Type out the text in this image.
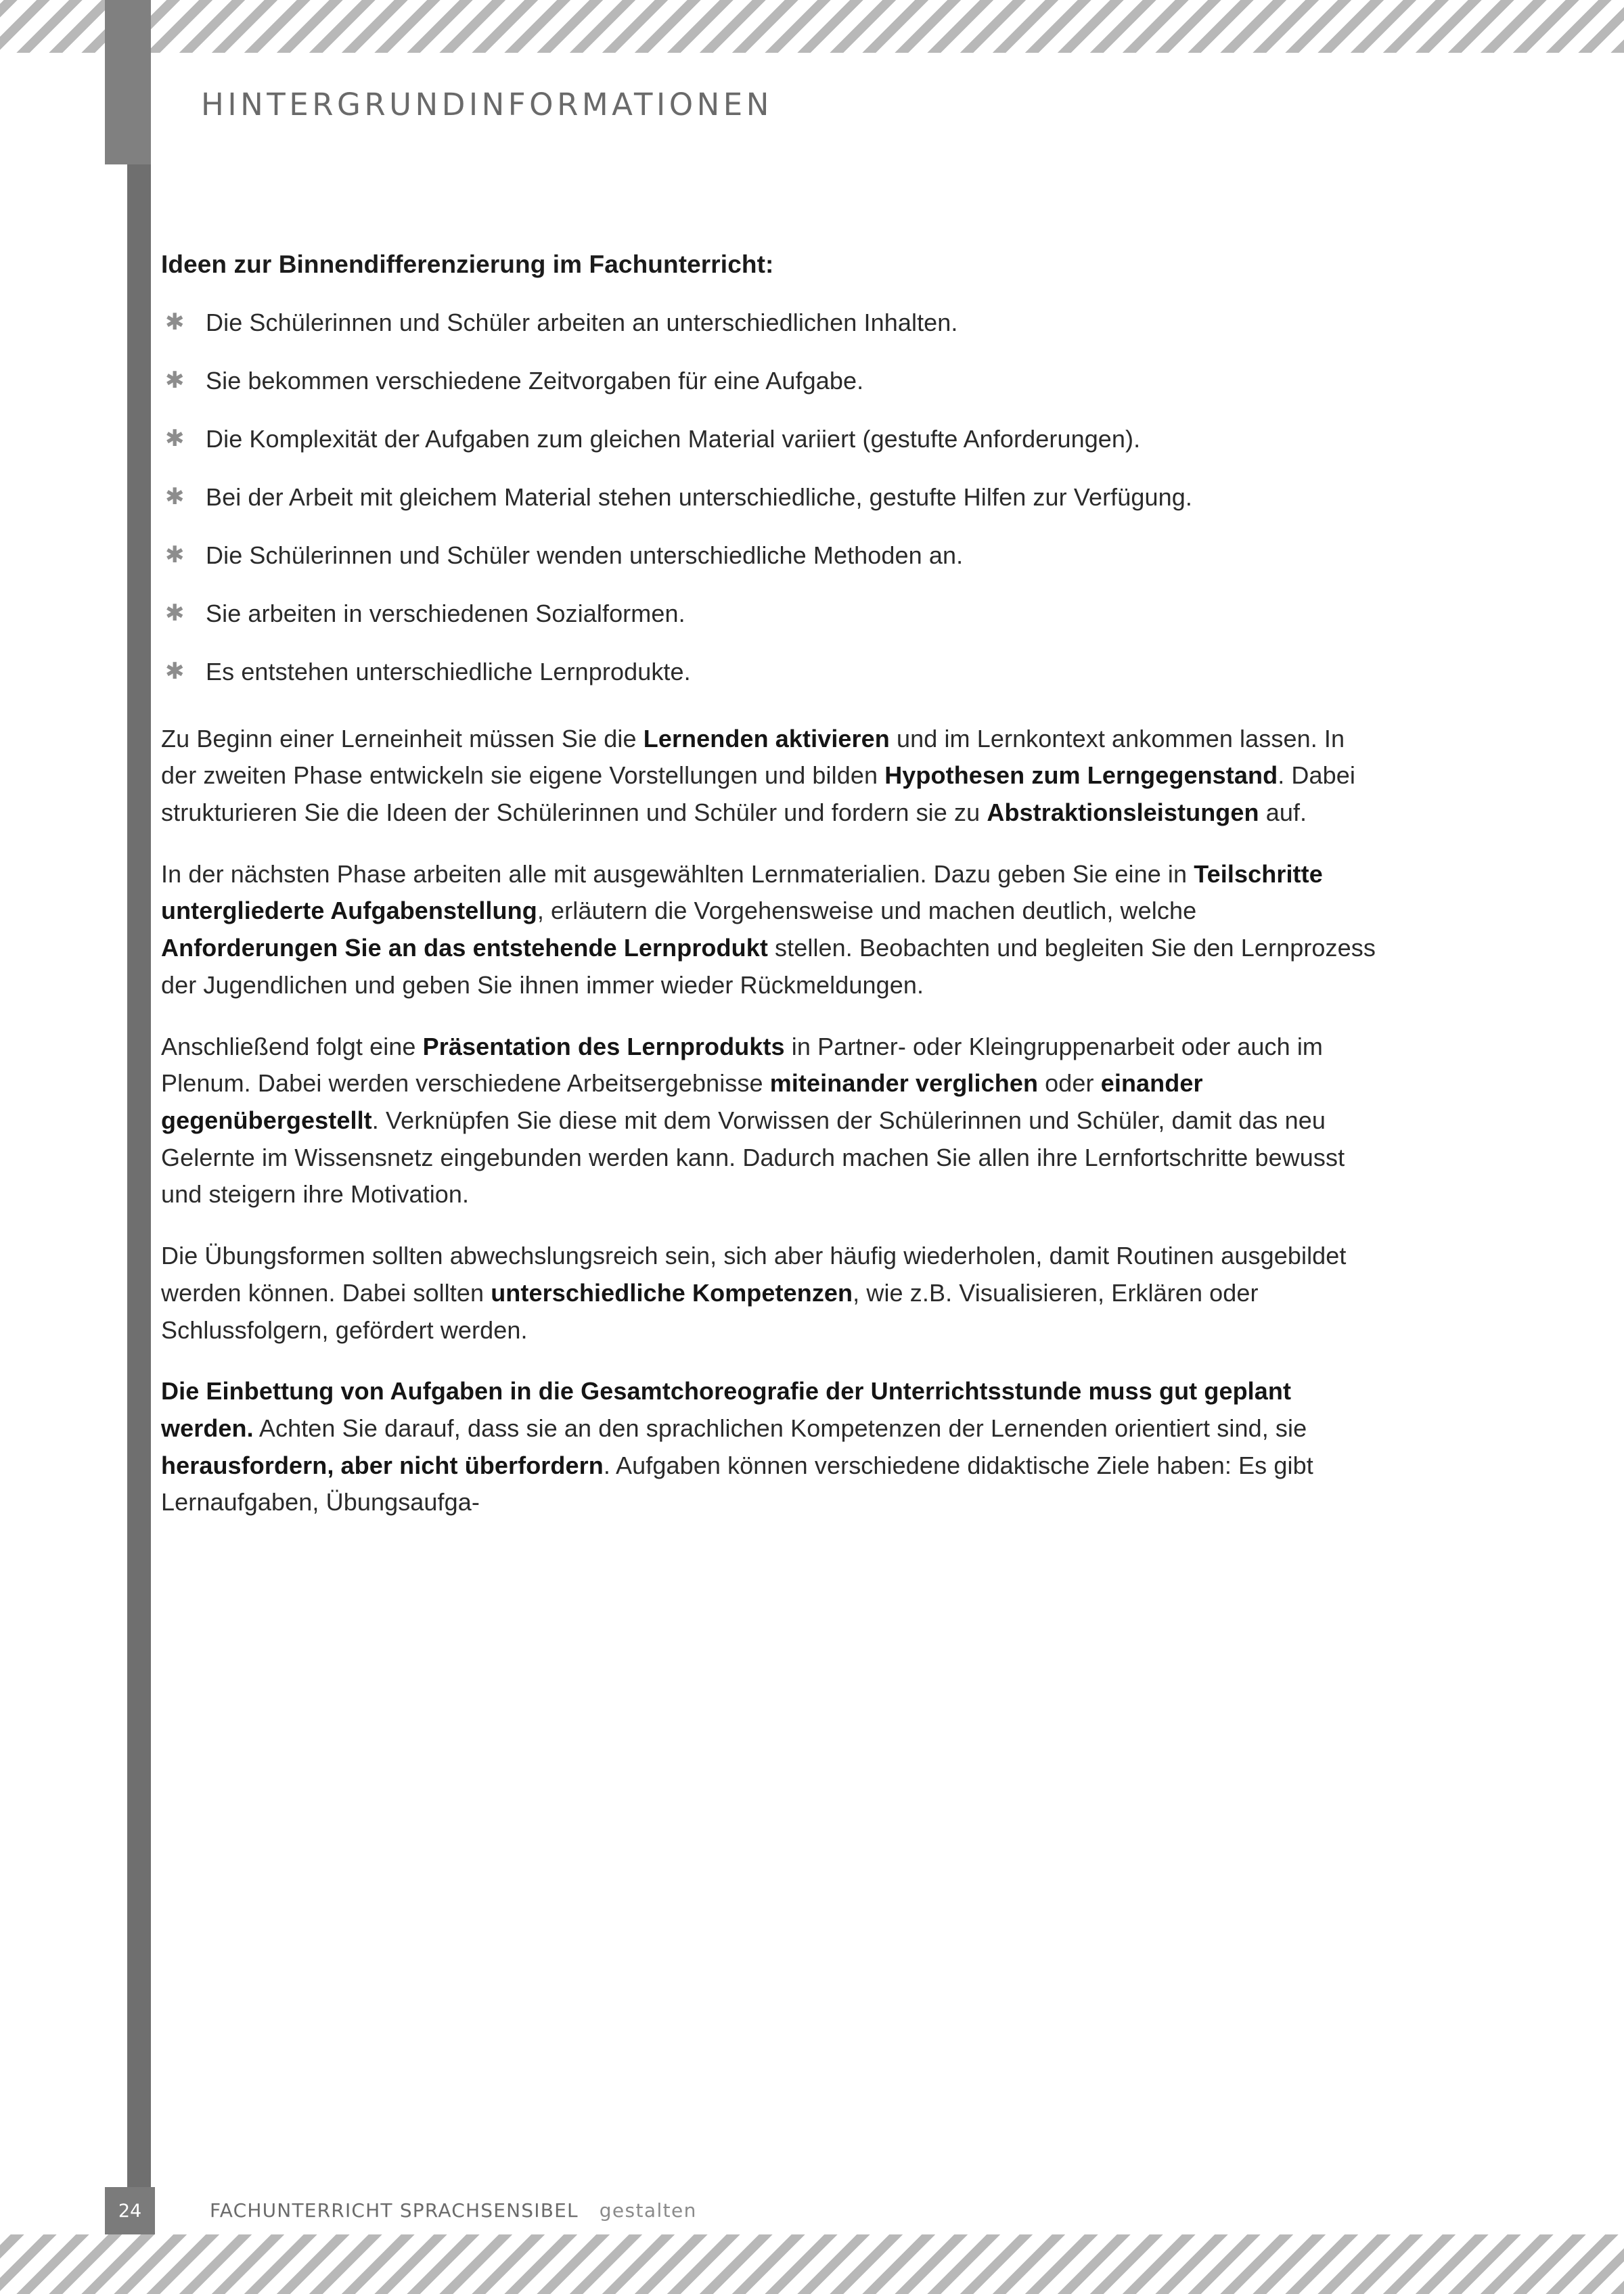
HINTERGRUNDINFORMATIONEN
Ideen zur Binnendifferenzierung im Fachunterricht:
✱ Die Schülerinnen und Schüler arbeiten an unterschiedlichen Inhalten.
✱ Sie bekommen verschiedene Zeitvorgaben für eine Aufgabe.
✱ Die Komplexität der Aufgaben zum gleichen Material variiert (gestufte Anforderungen).
✱ Bei der Arbeit mit gleichem Material stehen unterschiedliche, gestufte Hilfen zur Verfügung.
✱ Die Schülerinnen und Schüler wenden unterschiedliche Methoden an.
✱ Sie arbeiten in verschiedenen Sozialformen.
✱ Es entstehen unterschiedliche Lernprodukte.

Zu Beginn einer Lerneinheit müssen Sie die Lernenden aktivieren und im Lernkontext ankommen lassen. In der zweiten Phase entwickeln sie eigene Vorstellungen und bilden Hypothesen zum Lerngegenstand. Dabei strukturieren Sie die Ideen der Schülerinnen und Schüler und fordern sie zu Abstraktionsleistungen auf.

In der nächsten Phase arbeiten alle mit ausgewählten Lernmaterialien. Dazu geben Sie eine in Teilschritte untergliederte Aufgabenstellung, erläutern die Vorgehensweise und machen deutlich, welche Anforderungen Sie an das entstehende Lernprodukt stellen. Beobachten und begleiten Sie den Lernprozess der Jugendlichen und geben Sie ihnen immer wieder Rückmeldungen.

Anschließend folgt eine Präsentation des Lernprodukts in Partner- oder Kleingruppenarbeit oder auch im Plenum. Dabei werden verschiedene Arbeitsergebnisse miteinander verglichen oder einander gegenübergestellt. Verknüpfen Sie diese mit dem Vorwissen der Schülerinnen und Schüler, damit das neu Gelernte im Wissensnetz eingebunden werden kann. Dadurch machen Sie allen ihre Lernfortschritte bewusst und steigern ihre Motivation.

Die Übungsformen sollten abwechslungsreich sein, sich aber häufig wiederholen, damit Routinen ausgebildet werden können. Dabei sollten unterschiedliche Kompetenzen, wie z.B. Visualisieren, Erklären oder Schlussfolgern, gefördert werden.

Die Einbettung von Aufgaben in die Gesamtchoreografie der Unterrichtsstunde muss gut geplant werden. Achten Sie darauf, dass sie an den sprachlichen Kompetenzen der Lernenden orientiert sind, sie herausfordern, aber nicht überfordern. Aufgaben können verschiedene didaktische Ziele haben: Es gibt Lernaufgaben, Übungsaufga-

24	FACHUNTERRICHT SPRACHSENSIBEL gestalten
